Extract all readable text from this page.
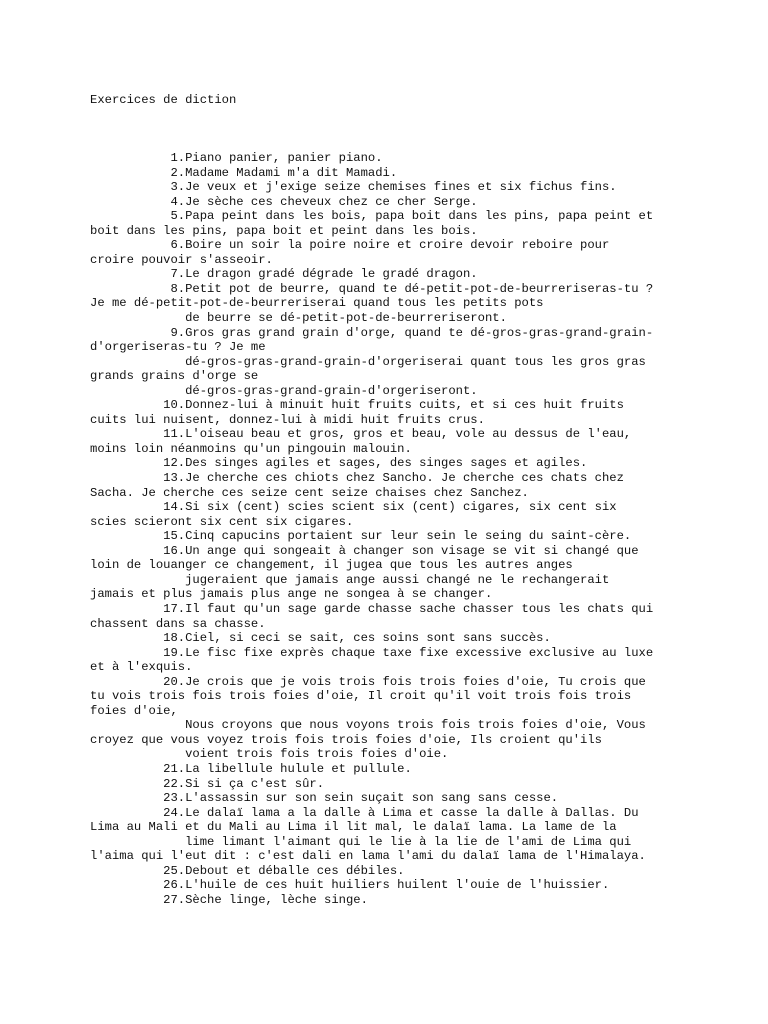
Exercices de diction
1.Piano panier, panier piano.
2.Madame Madami m'a dit Mamadi.
3.Je veux et j'exige seize chemises fines et six fichus fins.
4.Je sèche ces cheveux chez ce cher Serge.
5.Papa peint dans les bois, papa boit dans les pins, papa peint et
boit dans les pins, papa boit et peint dans les bois.
6.Boire un soir la poire noire et croire devoir reboire pour
croire pouvoir s'asseoir.
7.Le dragon gradé dégrade le gradé dragon.
8.Petit pot de beurre, quand te dé-petit-pot-de-beurreriseras-tu ?
Je me dé-petit-pot-de-beurreriserai quand tous les petits pots
de beurre se dé-petit-pot-de-beurreriseront.
9.Gros gras grand grain d'orge, quand te dé-gros-gras-grand-grain-
d'orgeriseras-tu ? Je me
dé-gros-gras-grand-grain-d'orgeriserai quant tous les gros gras
grands grains d'orge se
dé-gros-gras-grand-grain-d'orgeriseront.
10.Donnez-lui à minuit huit fruits cuits, et si ces huit fruits
cuits lui nuisent, donnez-lui à midi huit fruits crus.
11.L'oiseau beau et gros, gros et beau, vole au dessus de l'eau,
moins loin néanmoins qu'un pingouin malouin.
12.Des singes agiles et sages, des singes sages et agiles.
13.Je cherche ces chiots chez Sancho. Je cherche ces chats chez
Sacha. Je cherche ces seize cent seize chaises chez Sanchez.
14.Si six (cent) scies scient six (cent) cigares, six cent six
scies scieront six cent six cigares.
15.Cinq capucins portaient sur leur sein le seing du saint-cère.
16.Un ange qui songeait à changer son visage se vit si changé que
loin de louanger ce changement, il jugea que tous les autres anges
jugeraient que jamais ange aussi changé ne le rechangerait
jamais et plus jamais plus ange ne songea à se changer.
17.Il faut qu'un sage garde chasse sache chasser tous les chats qui
chassent dans sa chasse.
18.Ciel, si ceci se sait, ces soins sont sans succès.
19.Le fisc fixe exprès chaque taxe fixe excessive exclusive au luxe
et à l'exquis.
20.Je crois que je vois trois fois trois foies d'oie, Tu crois que
tu vois trois fois trois foies d'oie, Il croit qu'il voit trois fois trois
foies d'oie,
Nous croyons que nous voyons trois fois trois foies d'oie, Vous
croyez que vous voyez trois fois trois foies d'oie, Ils croient qu'ils
voient trois fois trois foies d'oie.
21.La libellule hulule et pullule.
22.Si si ça c'est sûr.
23.L'assassin sur son sein suçait son sang sans cesse.
24.Le dalaï lama a la dalle à Lima et casse la dalle à Dallas. Du
Lima au Mali et du Mali au Lima il lit mal, le dalaï lama. La lame de la
lime limant l'aimant qui le lie à la lie de l'ami de Lima qui
l'aima qui l'eut dit : c'est dali en lama l'ami du dalaï lama de l'Himalaya.
25.Debout et déballe ces débiles.
26.L'huile de ces huit huiliers huilent l'ouie de l'huissier.
27.Sèche linge, lèche singe.
